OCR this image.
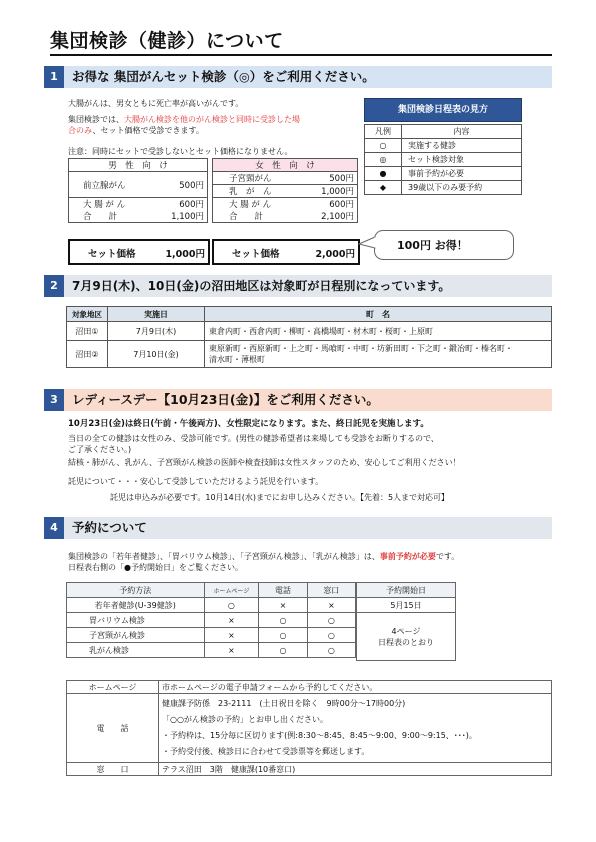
集団検診（健診）について
1	お得な 集団がんセット検診（◎）をご利用ください。
大腸がんは、男女ともに死亡率が高いがんです。
集団検診では、大腸がん検診を他のがん検診と同時に受診した場
合のみ、セット価格で受診できます。
注意：同時にセットで受診しないとセット価格になりません。
男　性　向　け	
前立腺がん	500円
大 腸 が ん	600円
合　　計	1,100円
女　性　向　け	
子宮頸がん	500円
乳　が　ん	1,000円
大 腸 が ん	600円
合　　計	2,100円
セット価格	1,000円	セット価格	2,000円
100円 お得！
集団検診日程表の見方
凡例	内容
○	実施する健診
◎	セット検診対象
●	事前予約が必要
◆	39歳以下のみ要予約
2	7月9日(木)、10日(金)の沼田地区は対象町が日程別になっています。
対象地区	実施日	町　名
沼田①	7月9日(木)	東倉内町・西倉内町・柳町・高橋場町・材木町・桜町・上原町
沼田②	7月10日(金)	東原新町・西原新町・上之町・馬喰町・中町・坊新田町・下之町・鍛冶町・榛名町・
清水町・薄根町
3	レディースデー【10月23日(金)】をご利用ください。
10月23日(金)は終日(午前・午後両方)、女性限定になります。また、終日託児を実施します。
当日の全ての健診は女性のみ、受診可能です。(男性の健診希望者は来場しても受診をお断りするので、
ご了承ください。)
結核・肺がん、乳がん、子宮頸がん検診の医師や検査技師は女性スタッフのため、安心してご利用ください！
託児について・・・安心して受診していただけるよう託児を行います。
託児は申込みが必要です。10月14日(水)までにお申し込みください。【先着：5人まで対応可】
4	予約について
集団検診の「若年者健診」、「胃バリウム検診」、「子宮頸がん検診」、「乳がん検診」は、事前予約が必要です。
日程表右側の「●予約開始日」をご覧ください。
予約方法	ホームページ	電話	窓口
若年者健診(U-39健診)	○	×	×
胃バリウム検診	×	○	○
子宮頸がん検診	×	○	○
乳がん検診	×	○	○
予約開始日
5月15日

4ページ
日程表のとおり
ホームページ	市ホームページの電子申請フォームから予約してください。
電　　話	健康課予防係　23-2111　(土日祝日を除く　9時00分～17時00分)
「○○がん検診の予約」とお申し出ください。
・予約枠は、15分毎に区切ります(例:8:30～8:45、8:45～9:00、9:00～9:15、･･･)。
・予約受付後、検診日に合わせて受診票等を郵送します。

窓　　口	テラス沼田　3階　健康課(10番窓口)
